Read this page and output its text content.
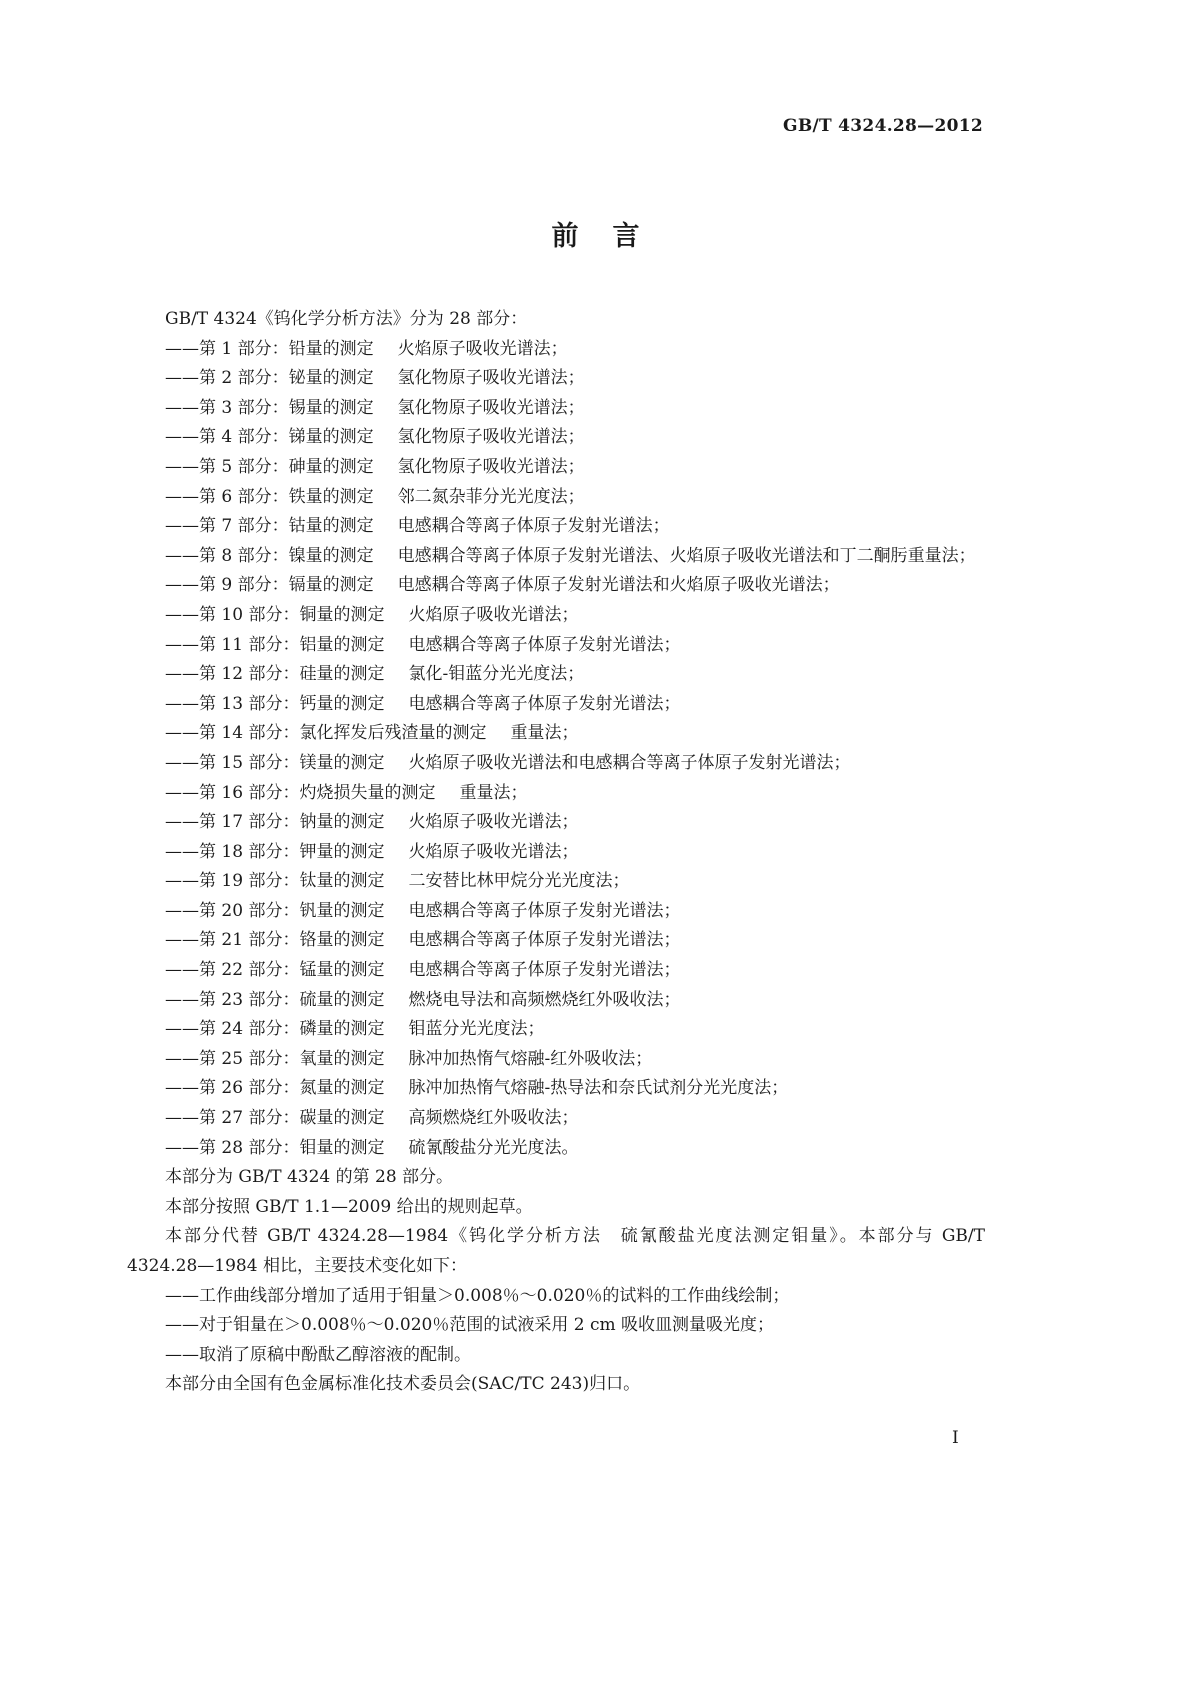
GB/T 4324.28—2012
前言

GB/T 4324《钨化学分析方法》分为 28 部分：

——第 1 部分：铅量的测定 火焰原子吸收光谱法；

——第 2 部分：铋量的测定 氢化物原子吸收光谱法；

——第 3 部分：锡量的测定 氢化物原子吸收光谱法；

——第 4 部分：锑量的测定 氢化物原子吸收光谱法；

——第 5 部分：砷量的测定 氢化物原子吸收光谱法；

——第 6 部分：铁量的测定 邻二氮杂菲分光光度法；

——第 7 部分：钴量的测定 电感耦合等离子体原子发射光谱法；

——第 8 部分：镍量的测定 电感耦合等离子体原子发射光谱法、火焰原子吸收光谱法和丁二酮肟重量法；

——第 9 部分：镉量的测定 电感耦合等离子体原子发射光谱法和火焰原子吸收光谱法；

——第 10 部分：铜量的测定 火焰原子吸收光谱法；

——第 11 部分：铝量的测定 电感耦合等离子体原子发射光谱法；

——第 12 部分：硅量的测定 氯化-钼蓝分光光度法；

——第 13 部分：钙量的测定 电感耦合等离子体原子发射光谱法；

——第 14 部分：氯化挥发后残渣量的测定 重量法；

——第 15 部分：镁量的测定 火焰原子吸收光谱法和电感耦合等离子体原子发射光谱法；

——第 16 部分：灼烧损失量的测定 重量法；

——第 17 部分：钠量的测定 火焰原子吸收光谱法；

——第 18 部分：钾量的测定 火焰原子吸收光谱法；

——第 19 部分：钛量的测定 二安替比林甲烷分光光度法；

——第 20 部分：钒量的测定 电感耦合等离子体原子发射光谱法；

——第 21 部分：铬量的测定 电感耦合等离子体原子发射光谱法；

——第 22 部分：锰量的测定 电感耦合等离子体原子发射光谱法；

——第 23 部分：硫量的测定 燃烧电导法和高频燃烧红外吸收法；

——第 24 部分：磷量的测定 钼蓝分光光度法；

——第 25 部分：氧量的测定 脉冲加热惰气熔融-红外吸收法；

——第 26 部分：氮量的测定 脉冲加热惰气熔融-热导法和奈氏试剂分光光度法；

——第 27 部分：碳量的测定 高频燃烧红外吸收法；

——第 28 部分：钼量的测定 硫氰酸盐分光光度法。

本部分为 GB/T 4324 的第 28 部分。

本部分按照 GB/T 1.1—2009 给出的规则起草。

本部分代替 GB/T 4324.28—1984《钨化学分析方法　硫氰酸盐光度法测定钼量》。本部分与 GB/T 4324.28—1984 相比，主要技术变化如下：

——工作曲线部分增加了适用于钼量＞0.008％～0.020％的试料的工作曲线绘制；

——对于钼量在＞0.008％～0.020％范围的试液采用 2 cm 吸收皿测量吸光度；

——取消了原稿中酚酞乙醇溶液的配制。

本部分由全国有色金属标准化技术委员会(SAC/TC 243)归口。

I
